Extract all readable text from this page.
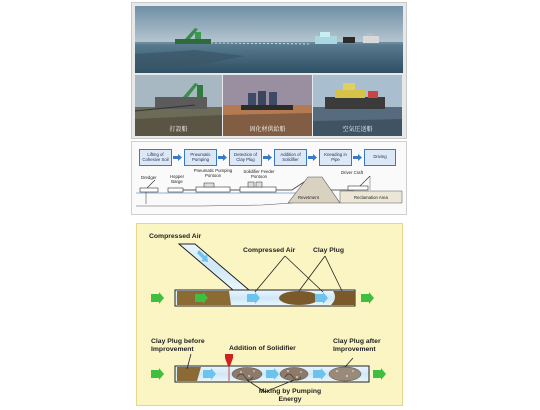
打設船	固化材供給船	空気圧送船
Lifting of Cohesive Soil
Pneumatic Pumping
Detection of Clay Plug
Addition of Solidifier
Kneading in Pipe	Driving
Dredger	Hopper Barge
Pneumatic Pumping Pontoon
Solidifier Feeder Pontoon
Driver Craft
Revetment	Reclamation Area
Compressed Air
Compressed Air	Clay Plug
Clay Plug before Improvement	Addition of Solidifier
Clay Plug after Improvement
Mixing by Pumping Energy
